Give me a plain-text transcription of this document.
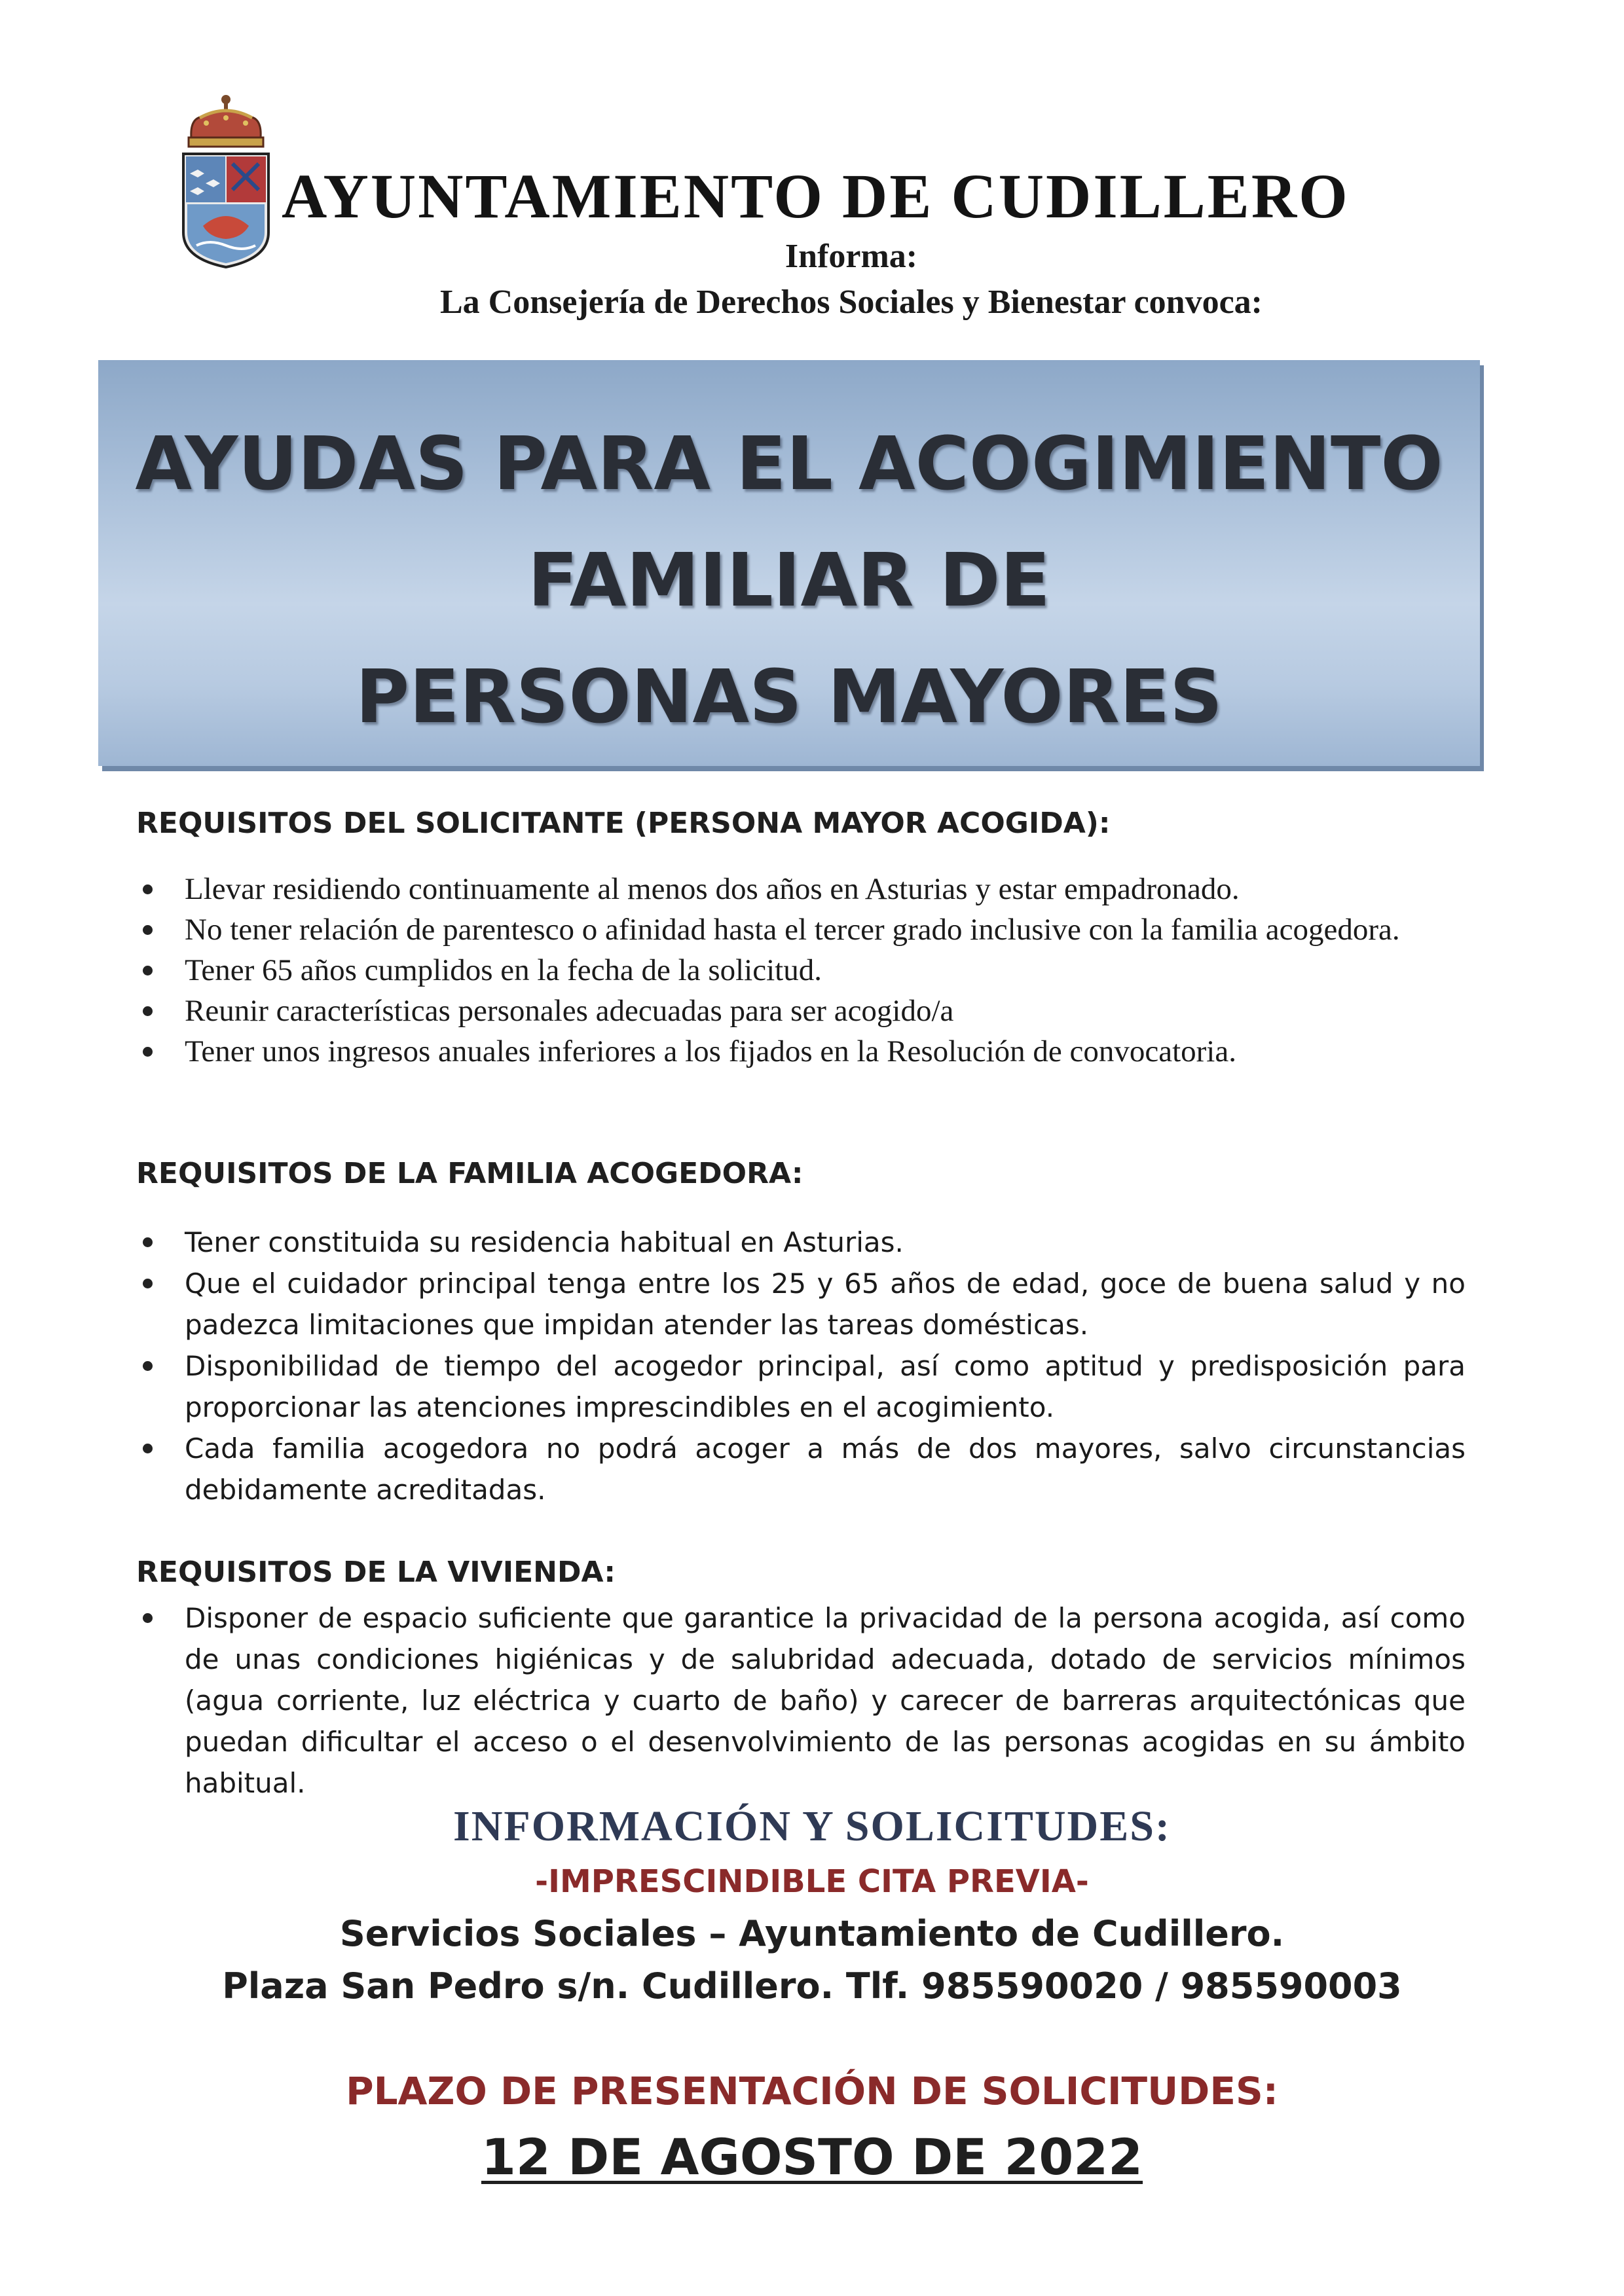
AYUNTAMIENTO DE CUDILLERO
Informa:
La Consejería de Derechos Sociales y Bienestar convoca:
AYUDAS PARA EL ACOGIMIENTO
FAMILIAR DE
PERSONAS MAYORES
REQUISITOS DEL SOLICITANTE (PERSONA MAYOR ACOGIDA):
Llevar residiendo continuamente al menos dos años en Asturias y estar empadronado.
No tener relación de parentesco o afinidad hasta el tercer grado inclusive con la familia acogedora.
Tener 65 años cumplidos en la fecha de la solicitud.
Reunir características personales adecuadas para ser acogido/a
Tener unos ingresos anuales inferiores a los fijados en la Resolución de convocatoria.
REQUISITOS DE LA FAMILIA ACOGEDORA:
Tener constituida su residencia habitual en Asturias.
Que el cuidador principal tenga entre los 25 y 65 años de edad, goce de buena salud y no padezca limitaciones que impidan atender las tareas domésticas.
Disponibilidad de tiempo del acogedor principal, así como aptitud y predisposición para proporcionar las atenciones imprescindibles en el acogimiento.
Cada familia acogedora no podrá acoger a más de dos mayores, salvo circunstancias debidamente acreditadas.
REQUISITOS DE LA VIVIENDA:
Disponer de espacio suficiente que garantice la privacidad de la persona acogida, así como de unas condiciones higiénicas y de salubridad adecuada, dotado de servicios mínimos (agua corriente, luz eléctrica y cuarto de baño) y carecer de barreras arquitectónicas que puedan dificultar el acceso o el desenvolvimiento de las personas acogidas en su ámbito habitual.
INFORMACIÓN Y SOLICITUDES:
-IMPRESCINDIBLE CITA PREVIA-
Servicios Sociales – Ayuntamiento de Cudillero.
Plaza San Pedro s/n. Cudillero. Tlf. 985590020 / 985590003
PLAZO DE PRESENTACIÓN DE SOLICITUDES:
12 DE AGOSTO DE 2022
